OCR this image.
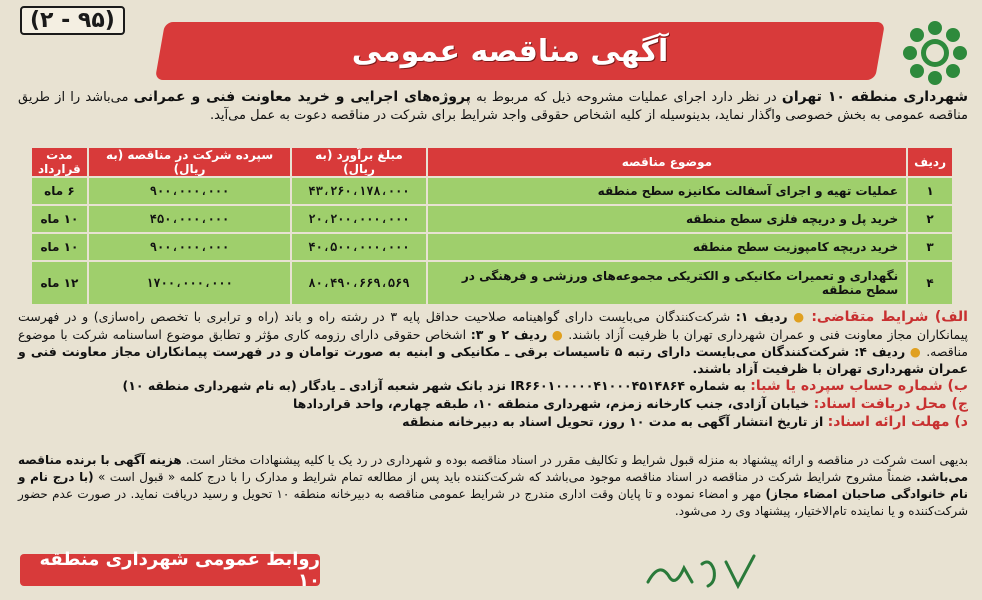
(۲ - ۹۵)
آگهی مناقصه عمومی
شهرداری منطقه ۱۰ تهران در نظر دارد اجرای عملیات مشروحه ذیل که مربوط به پروژه‌های اجرایی و خرید معاونت فنی و عمرانی می‌باشد را از طریق مناقصه عمومی به بخش خصوصی واگذار نماید، بدینوسیله از کلیه اشخاص حقوقی واجد شرایط برای شرکت در مناقصه دعوت به عمل می‌آید.
ردیف	موضوع مناقصه	مبلغ برآورد (به ریال)	سپرده شرکت در مناقصه (به ریال)	مدت قرارداد
۱	عملیات تهیه و اجرای آسفالت مکانیزه سطح منطقه	۴۳،۲۶۰،۱۷۸،۰۰۰	۹۰۰،۰۰۰،۰۰۰	۶ ماه
۲	خرید پل و دریچه فلزی سطح منطقه	۲۰،۲۰۰،۰۰۰،۰۰۰	۴۵۰،۰۰۰،۰۰۰	۱۰ ماه
۳	خرید دریچه کامپوزیت سطح منطقه	۴۰،۵۰۰،۰۰۰،۰۰۰	۹۰۰،۰۰۰،۰۰۰	۱۰ ماه
۴	نگهداری و تعمیرات مکانیکی و الکتریکی مجموعه‌های ورزشی و فرهنگی در سطح منطقه	۸۰،۴۹۰،۶۶۹،۵۶۹	۱۷۰۰،۰۰۰،۰۰۰	۱۲ ماه
الف) شرایط متقاضی: ● ردیف ۱: شرکت‌کنندگان می‌بایست دارای گواهینامه صلاحیت حداقل پایه ۳ در رشته راه و باند (راه و ترابری با تخصص راه‌سازی) و در فهرست پیمانکاران مجاز معاونت فنی و عمران شهرداری تهران با ظرفیت آزاد باشند. ● ردیف ۲ و ۳: اشخاص حقوقی دارای رزومه کاری مؤثر و تطابق موضوع اساسنامه شرکت با موضوع مناقصه. ● ردیف ۴: شرکت‌کنندگان می‌بایست دارای رتبه ۵ تاسیسات برقی ـ مکانیکی و ابنیه به صورت توامان و در فهرست پیمانکاران مجاز معاونت فنی و عمران شهرداری تهران با ظرفیت آزاد باشند.
ب) شماره حساب سپرده یا شبا: به شماره IR۶۶۰۱۰۰۰۰۰۴۱۰۰۰۴۵۱۴۸۶۴ نزد بانک شهر شعبه آزادی ـ یادگار (به نام شهرداری منطقه ۱۰)
ج) محل دریافت اسناد: خیابان آزادی، جنب کارخانه زمزم، شهرداری منطقه ۱۰، طبقه چهارم، واحد قراردادها
د) مهلت ارائه اسناد: از تاریخ انتشار آگهی به مدت ۱۰ روز، تحویل اسناد به دبیرخانه منطقه
بدیهی است شرکت در مناقصه و ارائه پیشنهاد به منزله قبول شرایط و تکالیف مقرر در اسناد مناقصه بوده و شهرداری در رد یک یا کلیه پیشنهادات مختار است. هزینه آگهی با برنده مناقصه می‌باشد. ضمناً مشروح شرایط شرکت در مناقصه در اسناد مناقصه موجود می‌باشد که شرکت‌کننده باید پس از مطالعه تمام شرایط و مدارک را با درج کلمه « قبول است » (با درج نام و نام خانوادگی صاحبان امضاء مجاز) مهر و امضاء نموده و تا پایان وقت اداری مندرج در شرایط عمومی مناقصه به دبیرخانه منطقه ۱۰ تحویل و رسید دریافت نماید. در صورت عدم حضور شرکت‌کننده و یا نماینده تام‌الاختیار، پیشنهاد وی رد می‌شود.
روابط عمومی شهرداری منطقه ۱۰
